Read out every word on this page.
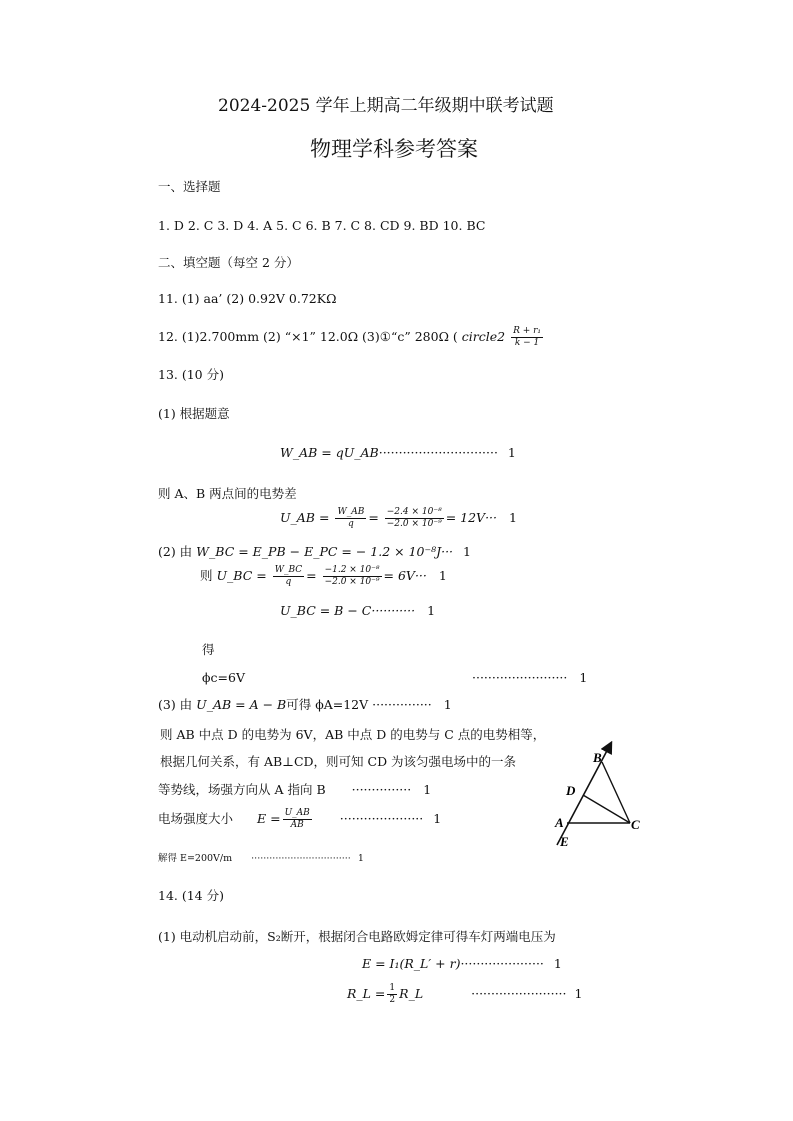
2024-2025 学年上期高二年级期中联考试题
物理学科参考答案
一、选择题
1. D 2. C 3. D 4. A 5. C 6. B 7. C 8. CD 9. BD 10. BC
二、填空题（每空 2 分）
11. (1) aa’ (2) 0.92V 0.72KΩ
12. (1)2.700mm (2) “×1” 12.0Ω (3)①“c” 280Ω ( circle2 $\frac{\text{R + r₁}}{k - 1}$
13. (10 分)
(1) 根据题意
W_AB = qU_AB······························ 1
则 A、B 两点间的电势差
U_AB = $\frac{W\_AB}{q} = \frac{\text{−2.4 × 10⁻⁸}}{\text{−2.0 × 10⁻⁹}} = 12V\cdot\cdot\cdot 1$
(2) 由 W_BC = E_PB − E_PC = − 1.2 × 10⁻⁸J··· 1
则 U_BC = $\frac{W\_BC}{q} = \frac{\text{−1.2 × 10⁻⁸}}{\text{−2.0 × 10⁻⁹}} = 6V\cdot\cdot\cdot 1$
U_BC = B − C··········· 1
得
ϕc=6V	························ 1
(3) 由 U_AB = A − B可得 ϕA=12V ··············· 1
则 AB 中点 D 的电势为 6V，AB 中点 D 的电势与 C 点的电势相等，
根据几何关系，有 AB⊥CD，则可知 CD 为该匀强电场中的一条
等势线，场强方向从 A 指向 B ··············· 1
电场强度大小 $E = \frac{U\_AB}{AB}$ ····················· 1
解得 E=200V/m ································· 1
B
D
A	C
E
14. (14 分)
(1) 电动机启动前，S₂断开，根据闭合电路欧姆定律可得车灯两端电压为
E = I₁(R_L′ + r)····················· 1
R_L = $\frac{1}{2}$ R_L	························ 1
